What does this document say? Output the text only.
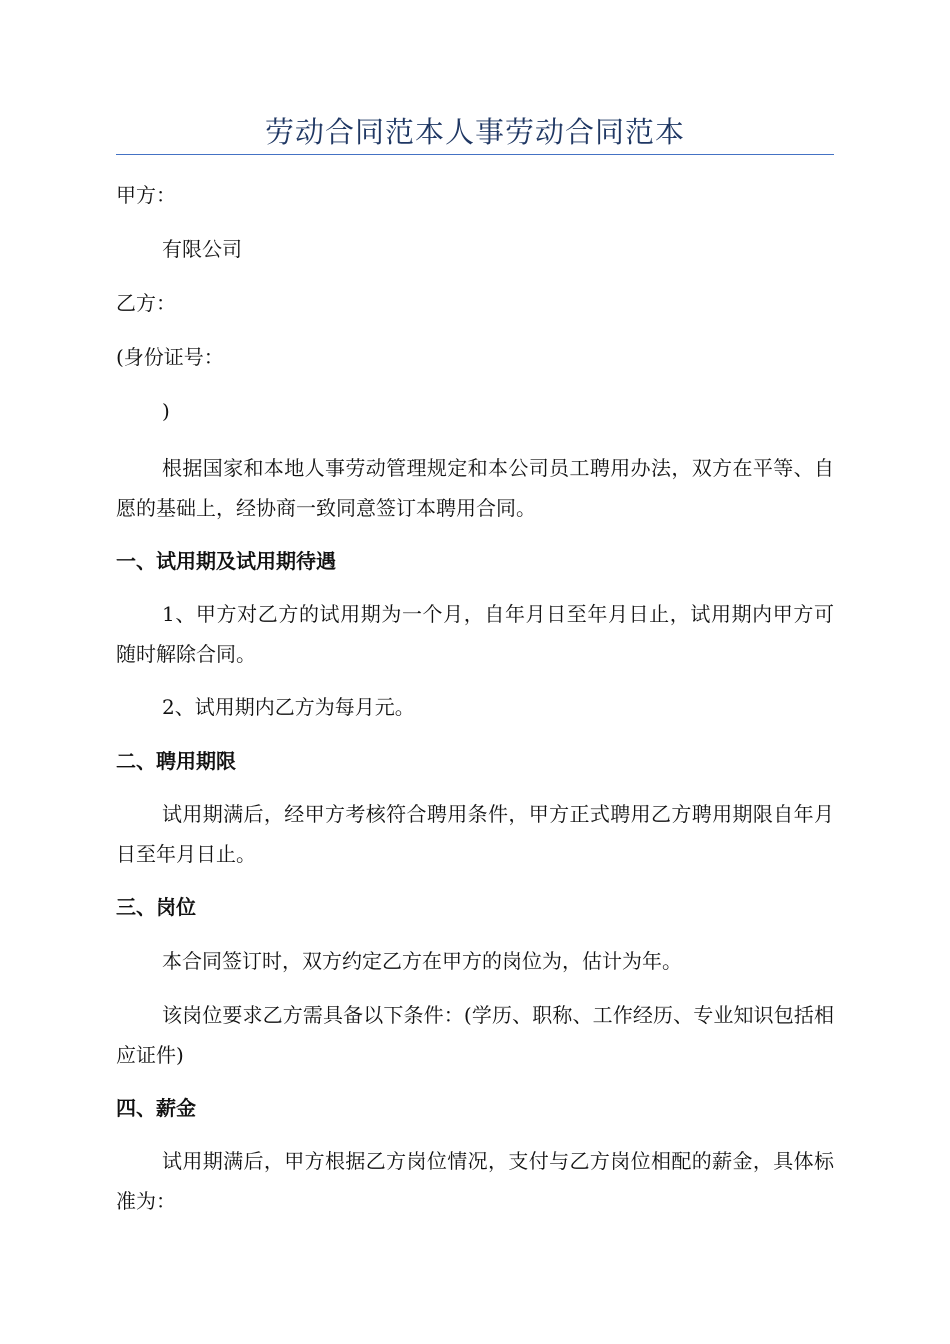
劳动合同范本人事劳动合同范本
甲方：
有限公司
乙方：
(身份证号：
)
根据国家和本地人事劳动管理规定和本公司员工聘用办法，双方在平等、自愿的基础上，经协商一致同意签订本聘用合同。
一、试用期及试用期待遇
1、甲方对乙方的试用期为一个月，自年月日至年月日止，试用期内甲方可随时解除合同。
2、试用期内乙方为每月元。
二、聘用期限
试用期满后，经甲方考核符合聘用条件，甲方正式聘用乙方聘用期限自年月日至年月日止。
三、岗位
本合同签订时，双方约定乙方在甲方的岗位为，估计为年。
该岗位要求乙方需具备以下条件：(学历、职称、工作经历、专业知识包括相应证件)
四、薪金
试用期满后，甲方根据乙方岗位情况，支付与乙方岗位相配的薪金，具体标准为：
